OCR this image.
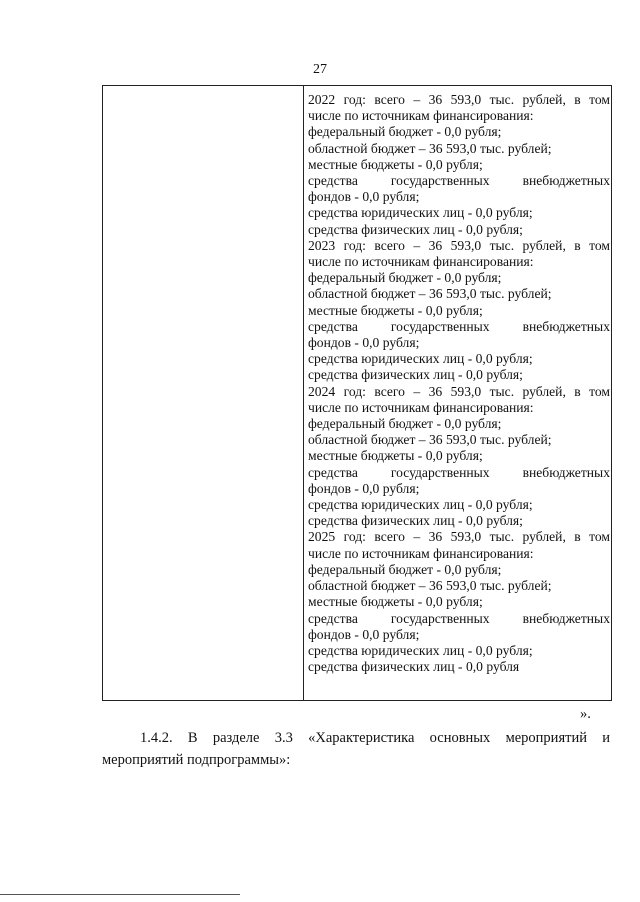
27
2022 год: всего – 36 593,0 тыс. рублей, в том
числе по источникам финансирования:
федеральный бюджет - 0,0 рубля;
областной бюджет – 36 593,0 тыс. рублей;
местные бюджеты - 0,0 рубля;
средства государственных внебюджетных
фондов - 0,0 рубля;
средства юридических лиц - 0,0 рубля;
средства физических лиц - 0,0 рубля;
2023 год: всего – 36 593,0 тыс. рублей, в том
числе по источникам финансирования:
федеральный бюджет - 0,0 рубля;
областной бюджет – 36 593,0 тыс. рублей;
местные бюджеты - 0,0 рубля;
средства государственных внебюджетных
фондов - 0,0 рубля;
средства юридических лиц - 0,0 рубля;
средства физических лиц - 0,0 рубля;
2024 год: всего – 36 593,0 тыс. рублей, в том
числе по источникам финансирования:
федеральный бюджет - 0,0 рубля;
областной бюджет – 36 593,0 тыс. рублей;
местные бюджеты - 0,0 рубля;
средства государственных внебюджетных
фондов - 0,0 рубля;
средства юридических лиц - 0,0 рубля;
средства физических лиц - 0,0 рубля;
2025 год: всего – 36 593,0 тыс. рублей, в том
числе по источникам финансирования:
федеральный бюджет - 0,0 рубля;
областной бюджет – 36 593,0 тыс. рублей;
местные бюджеты - 0,0 рубля;
средства государственных внебюджетных
фондов - 0,0 рубля;
средства юридических лиц - 0,0 рубля;
средства физических лиц - 0,0 рубля
».
1.4.2. В разделе 3.3 «Характеристика основных мероприятий и
мероприятий подпрограммы»:
